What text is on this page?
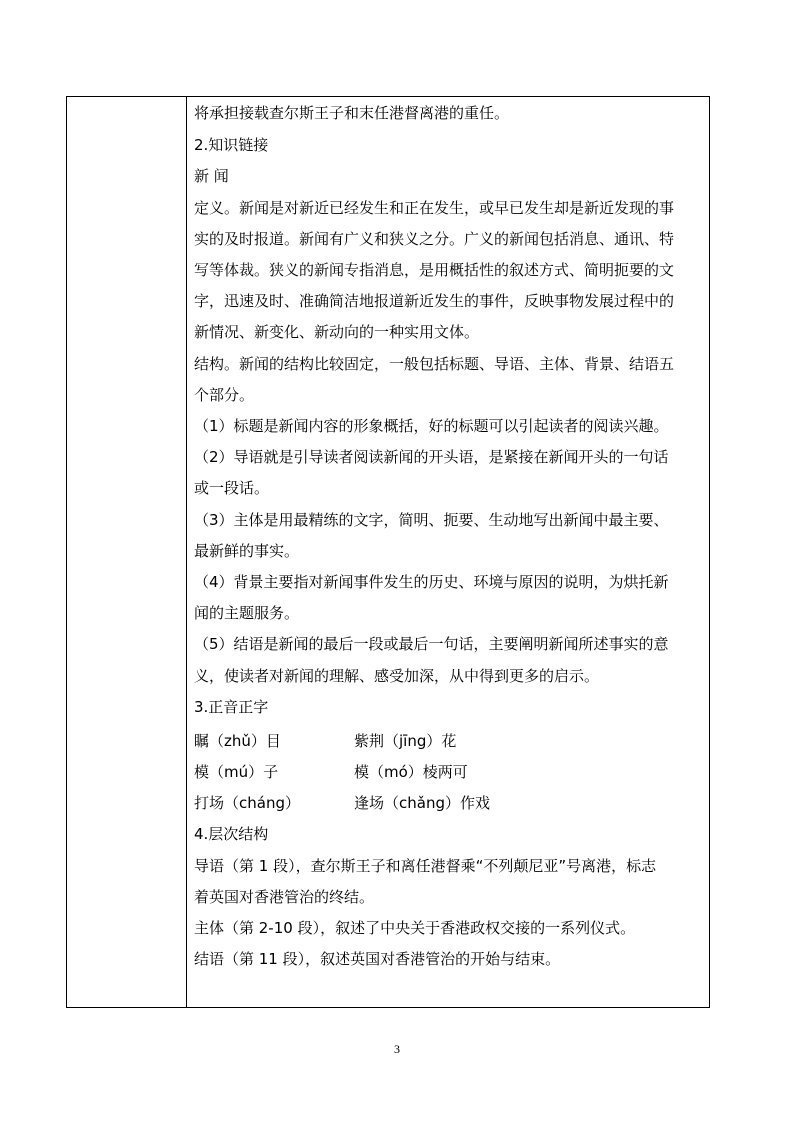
将承担接载查尔斯王子和末任港督离港的重任。
2.知识链接
新 闻
定义。新闻是对新近已经发生和正在发生，或早已发生却是新近发现的事
实的及时报道。新闻有广义和狭义之分。广义的新闻包括消息、通讯、特
写等体裁。狭义的新闻专指消息，是用概括性的叙述方式、简明扼要的文
字，迅速及时、准确简洁地报道新近发生的事件，反映事物发展过程中的
新情况、新变化、新动向的一种实用文体。
结构。新闻的结构比较固定，一般包括标题、导语、主体、背景、结语五
个部分。
（1）标题是新闻内容的形象概括，好的标题可以引起读者的阅读兴趣。
（2）导语就是引导读者阅读新闻的开头语，是紧接在新闻开头的一句话
或一段话。
（3）主体是用最精练的文字，简明、扼要、生动地写出新闻中最主要、
最新鲜的事实。
（4）背景主要指对新闻事件发生的历史、环境与原因的说明，为烘托新
闻的主题服务。
（5）结语是新闻的最后一段或最后一句话，主要阐明新闻所述事实的意
义，使读者对新闻的理解、感受加深，从中得到更多的启示。
3.正音正字
瞩（zhǔ）目	紫荆（jīng）花
模（mú）子	模（mó）棱两可
打场（cháng）	逢场（chǎng）作戏
4.层次结构
导语（第 1 段），查尔斯王子和离任港督乘“不列颠尼亚”号离港，标志
着英国对香港管治的终结。
主体（第 2-10 段），叙述了中央关于香港政权交接的一系列仪式。
结语（第 11 段），叙述英国对香港管治的开始与结束。
3
